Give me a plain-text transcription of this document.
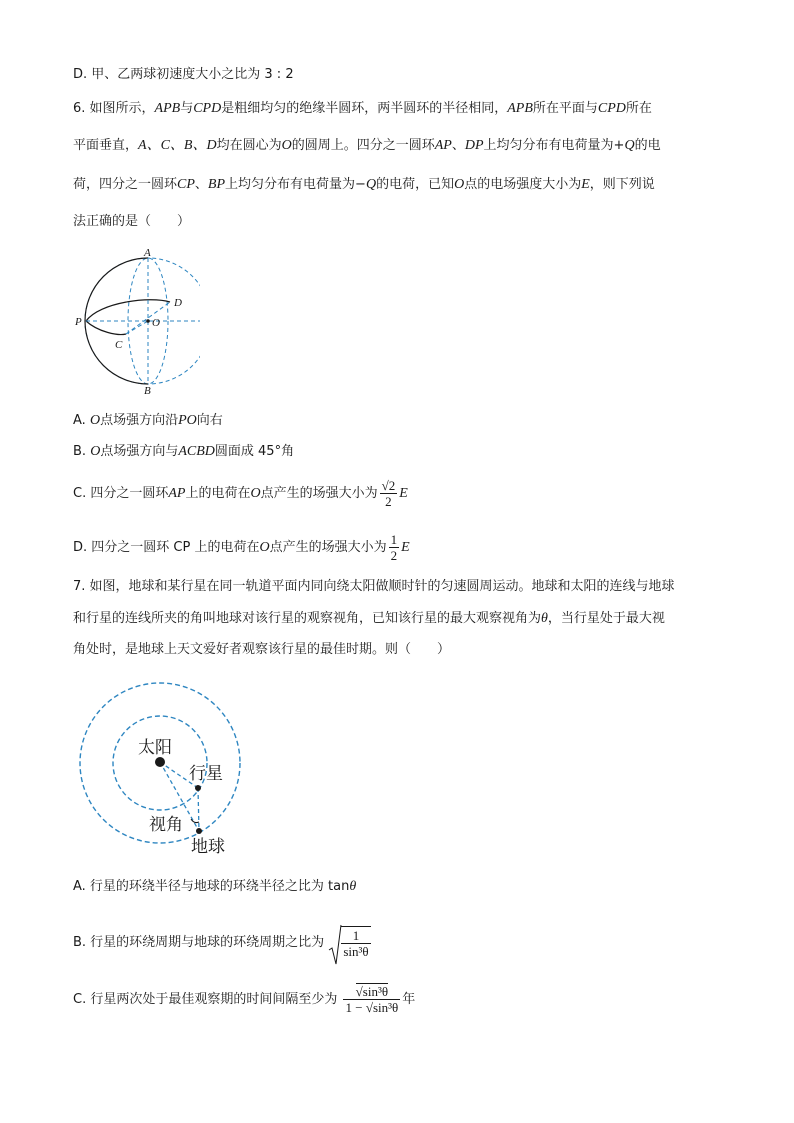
D. 甲、乙两球初速度大小之比为 3 : 2
6. 如图所示，APB与CPD是粗细均匀的绝缘半圆环，两半圆环的半径相同，APB所在平面与CPD所在
平面垂直，A、C、B、D均在圆心为O的圆周上。四分之一圆环AP、DP上均匀分布有电荷量为+Q的电
荷，四分之一圆环CP、BP上均匀分布有电荷量为−Q的电荷，已知O点的电场强度大小为E，则下列说
法正确的是（　　）
A
B
C
D
P	O
A. O点场强方向沿PO向右
B. O点场强方向与ACBD圆面成 45°角
C. 四分之一圆环AP上的电荷在O点产生的场强大小为 $\frac{√2}{2}$ E
D. 四分之一圆环 CP 上的电荷在O点产生的场强大小为 $\frac{1}{2}$ E
7. 如图，地球和某行星在同一轨道平面内同向绕太阳做顺时针的匀速圆周运动。地球和太阳的连线与地球
和行星的连线所夹的角叫地球对该行星的观察视角，已知该行星的最大观察视角为θ，当行星处于最大视
角处时，是地球上天文爱好者观察该行星的最佳时期。则（　　）
太阳
行星
视角
地球
A. 行星的环绕半径与地球的环绕半径之比为 tanθ
B. 行星的环绕周期与地球的环绕周期之比为 $\frac{1}{\text{sin³θ}}$
C. 行星两次处于最佳观察期的时间间隔至少为 $\frac{\text{√sin³θ}}{\text{1 − √sin³θ}}$ 年
